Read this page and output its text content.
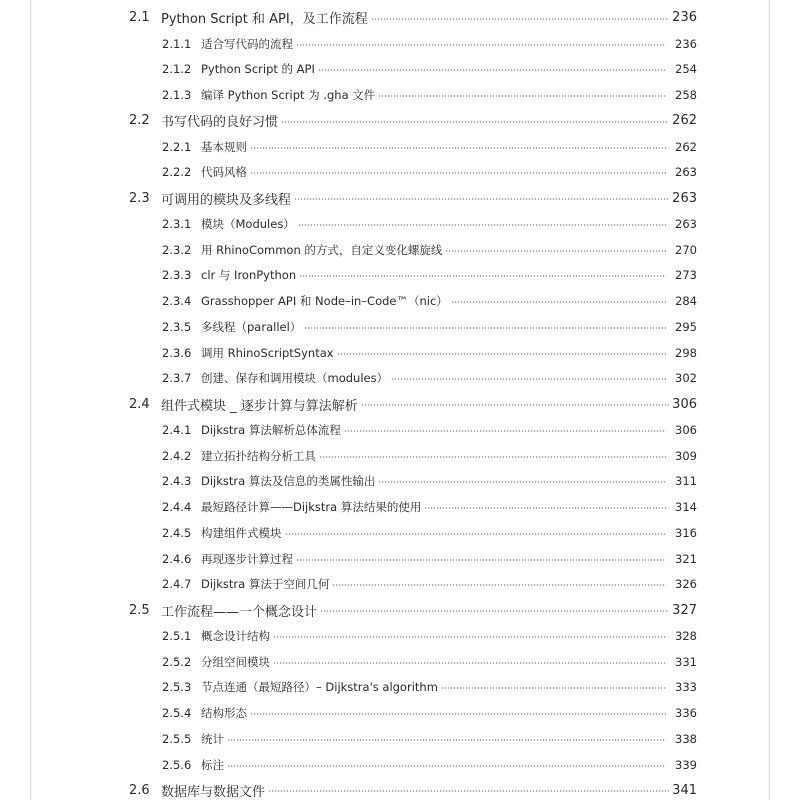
2.1 Python Script 和 API，及工作流程	236
2.1.1 适合写代码的流程	236
2.1.2 Python Script 的 API	254
2.1.3 编译 Python Script 为 .gha 文件	258
2.2 书写代码的良好习惯	262
2.2.1 基本规则	262
2.2.2 代码风格	263
2.3 可调用的模块及多线程	263
2.3.1 模块（Modules）	263
2.3.2 用 RhinoCommon 的方式，自定义变化螺旋线	270
2.3.3 clr 与 IronPython	273
2.3.4 Grasshopper API 和 Node–in–Code™（nic）	284
2.3.5 多线程（parallel）	295
2.3.6 调用 RhinoScriptSyntax	298
2.3.7 创建、保存和调用模块（modules）	302
2.4 组件式模块 _ 逐步计算与算法解析	306
2.4.1 Dijkstra 算法解析总体流程	306
2.4.2 建立拓扑结构分析工具	309
2.4.3 Dijkstra 算法及信息的类属性输出	311
2.4.4 最短路径计算——Dijkstra 算法结果的使用	314
2.4.5 构建组件式模块	316
2.4.6 再现逐步计算过程	321
2.4.7 Dijkstra 算法于空间几何	326
2.5 工作流程——一个概念设计	327
2.5.1 概念设计结构	328
2.5.2 分组空间模块	331
2.5.3 节点连通（最短路径）– Dijkstra's algorithm	333
2.5.4 结构形态	336
2.5.5 统计	338
2.5.6 标注	339
2.6 数据库与数据文件	341
